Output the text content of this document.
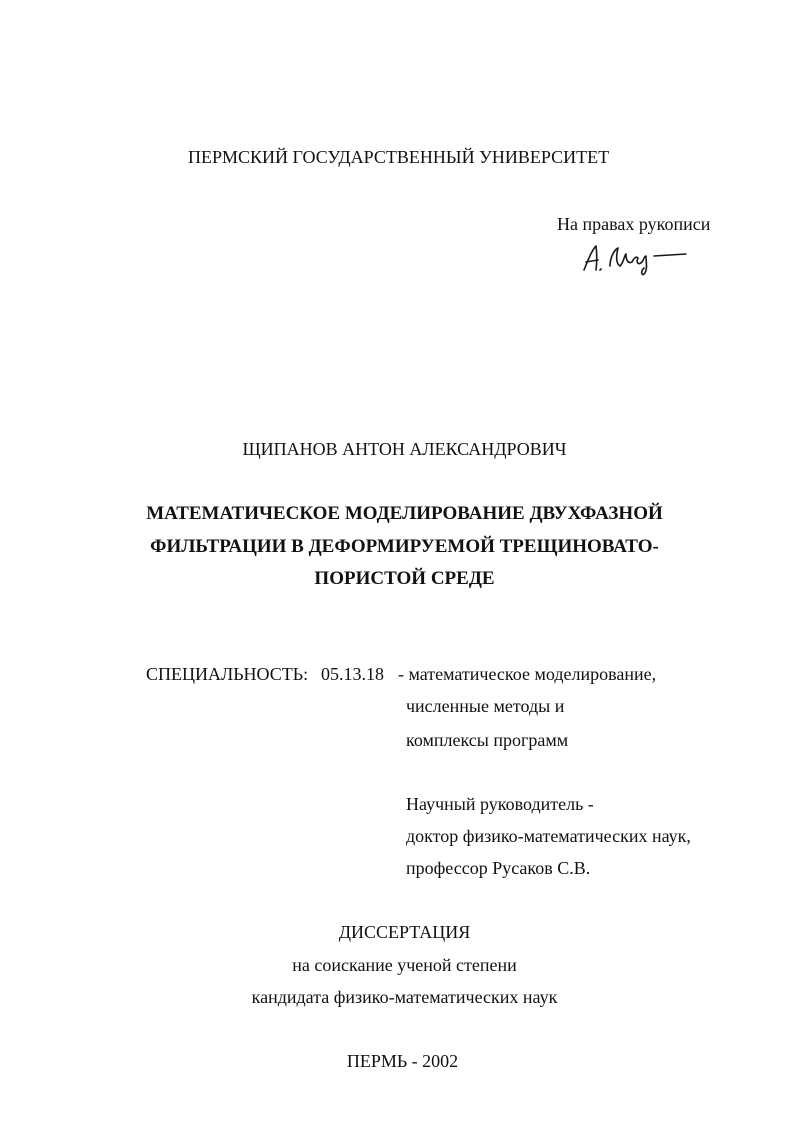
ПЕРМСКИЙ ГОСУДАРСТВЕННЫЙ УНИВЕРСИТЕТ
На правах рукописи
ЩИПАНОВ АНТОН АЛЕКСАНДРОВИЧ
МАТЕМАТИЧЕСКОЕ МОДЕЛИРОВАНИЕ ДВУХФАЗНОЙ
ФИЛЬТРАЦИИ В ДЕФОРМИРУЕМОЙ ТРЕЩИНОВАТО-
ПОРИСТОЙ СРЕДЕ
СПЕЦИАЛЬНОСТЬ: 05.13.18 - математическое моделирование,
численные методы и
комплексы программ
Научный руководитель -
доктор физико-математических наук,
профессор Русаков С.В.
ДИССЕРТАЦИЯ
на соискание ученой степени
кандидата физико-математических наук
ПЕРМЬ - 2002
